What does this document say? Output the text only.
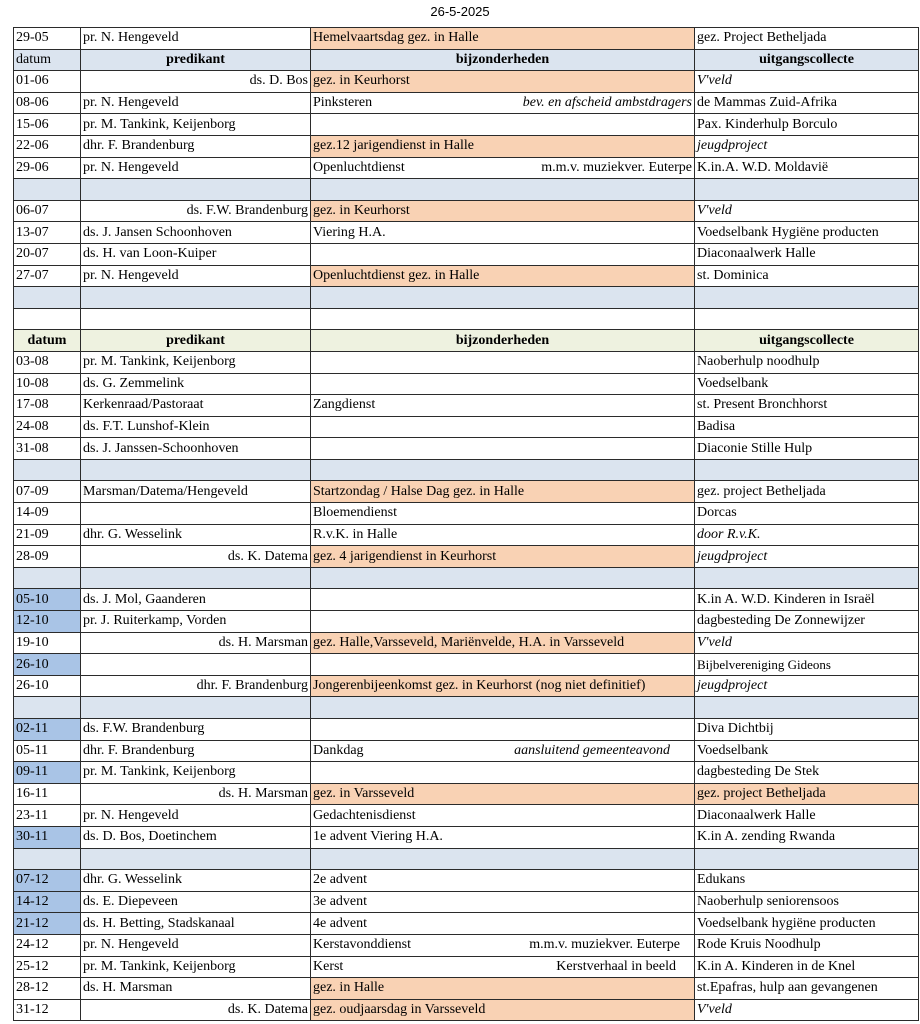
26-5-2025
29-05	pr. N. Hengeveld	Hemelvaartsdag gez. in Halle	gez. Project Betheljada
datum	predikant	bijzonderheden	uitgangscollecte
01-06	ds. D. Bos	gez. in Keurhorst	V'veld
08-06	pr. N. Hengeveld	Pinksteren bev. en afscheid ambstdragers	de Mammas Zuid-Afrika
15-06	pr. M. Tankink, Keijenborg		Pax. Kinderhulp Borculo
22-06	dhr. F. Brandenburg	gez.12 jarigendienst in Halle	jeugdproject
29-06	pr. N. Hengeveld	Openluchtdienst m.m.v. muziekver. Euterpe	K.in.A. W.D. Moldavië

06-07	ds. F.W. Brandenburg	gez. in Keurhorst	V'veld
13-07	ds. J. Jansen Schoonhoven	Viering H.A.	Voedselbank Hygiëne producten
20-07	ds. H. van Loon-Kuiper		Diaconaalwerk Halle
27-07	pr. N. Hengeveld	Openluchtdienst gez. in Halle	st. Dominica

datum	predikant	bijzonderheden	uitgangscollecte
03-08	pr. M. Tankink, Keijenborg		Naoberhulp noodhulp
10-08	ds. G. Zemmelink		Voedselbank
17-08	Kerkenraad/Pastoraat	Zangdienst	st. Present Bronchhorst
24-08	ds. F.T. Lunshof-Klein		Badisa
31-08	ds. J. Janssen-Schoonhoven		Diaconie Stille Hulp

07-09	Marsman/Datema/Hengeveld	Startzondag / Halse Dag gez. in Halle	gez. project Betheljada
14-09		Bloemendienst	Dorcas
21-09	dhr. G. Wesselink	R.v.K. in Halle	door R.v.K.
28-09	ds. K. Datema	gez. 4 jarigendienst in Keurhorst	jeugdproject

05-10	ds. J. Mol, Gaanderen		K.in A. W.D. Kinderen in Israël
12-10	pr. J. Ruiterkamp, Vorden		dagbesteding De Zonnewijzer
19-10	ds. H. Marsman	gez. Halle,Varsseveld, Mariënvelde, H.A. in Varsseveld	V'veld
26-10			Bijbelvereniging Gideons
26-10	dhr. F. Brandenburg	Jongerenbijeenkomst gez. in Keurhorst (nog niet definitief)	jeugdproject

02-11	ds. F.W. Brandenburg		Diva Dichtbij
05-11	dhr. F. Brandenburg	Dankdag aansluitend gemeenteavond	Voedselbank
09-11	pr. M. Tankink, Keijenborg		dagbesteding De Stek
16-11	ds. H. Marsman	gez. in Varsseveld	gez. project Betheljada
23-11	pr. N. Hengeveld	Gedachtenisdienst	Diaconaalwerk Halle
30-11	ds. D. Bos, Doetinchem	1e advent Viering H.A.	K.in A. zending Rwanda

07-12	dhr. G. Wesselink	2e advent	Edukans
14-12	ds. E. Diepeveen	3e advent	Naoberhulp seniorensoos
21-12	ds. H. Betting, Stadskanaal	4e advent	Voedselbank hygiëne producten
24-12	pr. N. Hengeveld	Kerstavonddienst m.m.v. muziekver. Euterpe	Rode Kruis Noodhulp
25-12	pr. M. Tankink, Keijenborg	Kerst Kerstverhaal in beeld	K.in A. Kinderen in de Knel
28-12	ds. H. Marsman	gez. in Halle	st.Epafras, hulp aan gevangenen
31-12	ds. K. Datema	gez. oudjaarsdag in Varsseveld	V'veld
